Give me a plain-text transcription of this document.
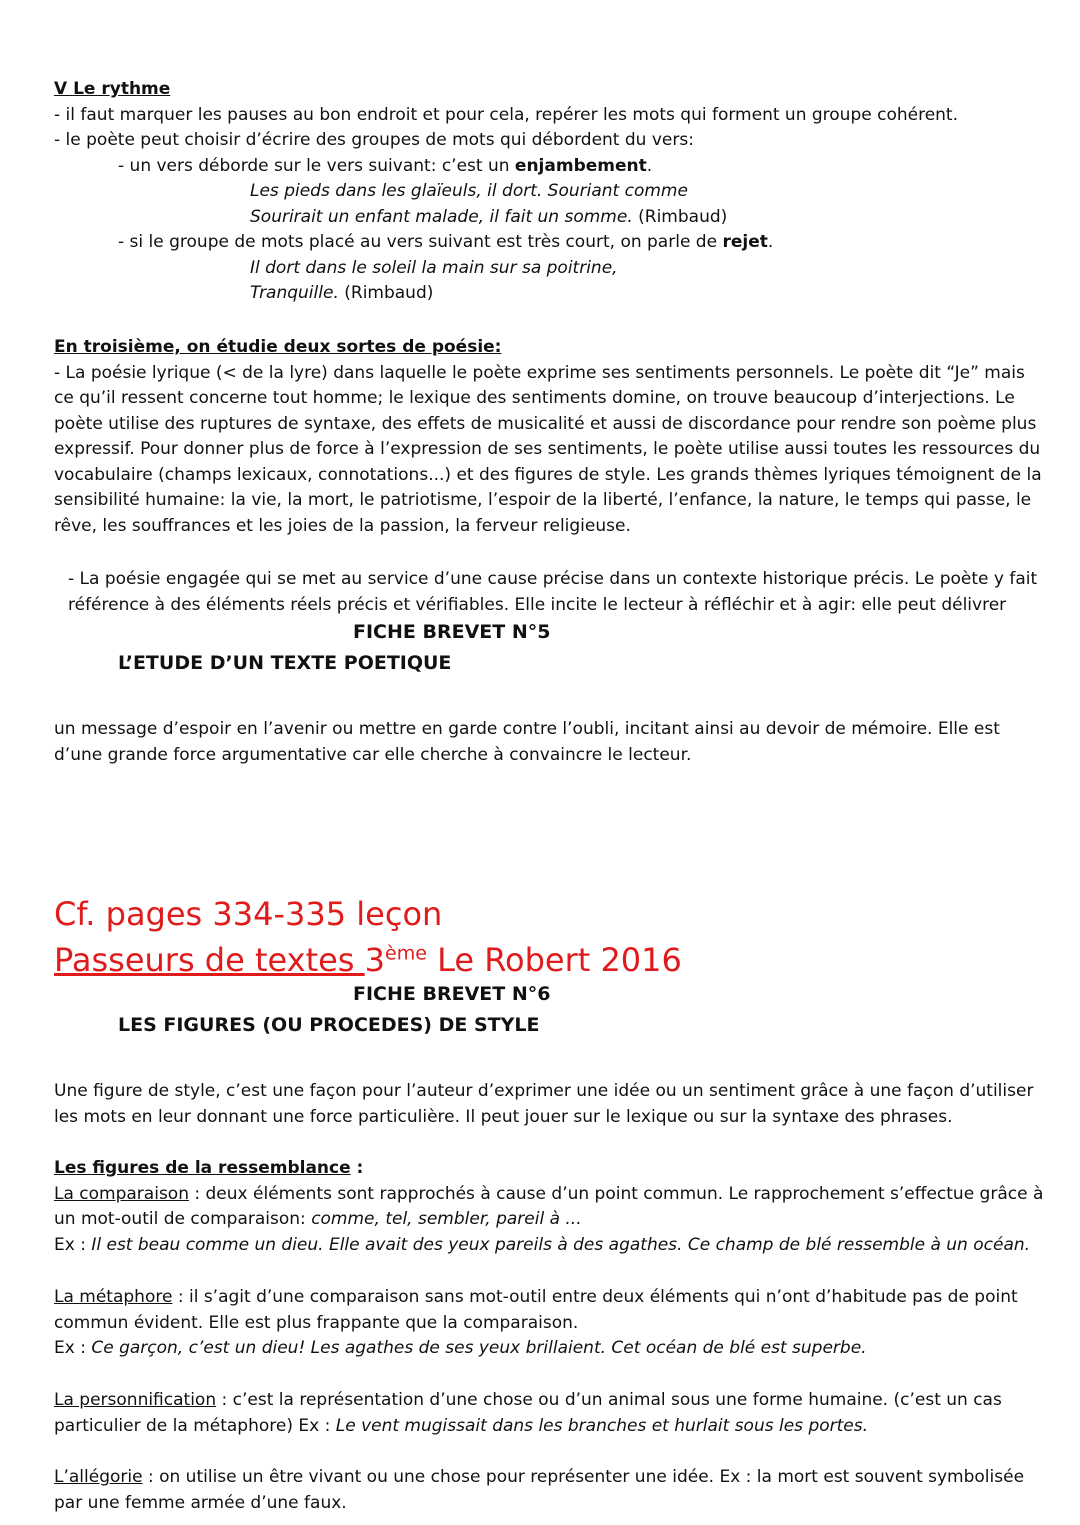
V Le rythme

- il faut marquer les pauses au bon endroit et pour cela, repérer les mots qui forment un groupe cohérent.

- le poète peut choisir d’écrire des groupes de mots qui débordent du vers:

- un vers déborde sur le vers suivant: c’est un enjambement.

Les pieds dans les glaïeuls, il dort. Souriant comme

Sourirait un enfant malade, il fait un somme. (Rimbaud)

- si le groupe de mots placé au vers suivant est très court, on parle de rejet.

Il dort dans le soleil la main sur sa poitrine,

Tranquille. (Rimbaud)

En troisième, on étudie deux sortes de poésie:

- La poésie lyrique (< de la lyre) dans laquelle le poète exprime ses sentiments personnels. Le poète dit “Je” mais ce qu’il ressent concerne tout homme; le lexique des sentiments domine, on trouve beaucoup d’interjections. Le poète utilise des ruptures de syntaxe, des effets de musicalité et aussi de discordance pour rendre son poème plus expressif. Pour donner plus de force à l’expression de ses sentiments, le poète utilise aussi toutes les ressources du vocabulaire (champs lexicaux, connotations...) et des figures de style. Les grands thèmes lyriques témoignent de la sensibilité humaine: la vie, la mort, le patriotisme, l’espoir de la liberté, l’enfance, la nature, le temps qui passe, le rêve, les souffrances et les joies de la passion, la ferveur religieuse.

- La poésie engagée qui se met au service d’une cause précise dans un contexte historique précis. Le poète y fait référence à des éléments réels précis et vérifiables. Elle incite le lecteur à réfléchir et à agir: elle peut délivrer

FICHE BREVET N°5
L’ETUDE D’UN TEXTE POETIQUE

un message d’espoir en l’avenir ou mettre en garde contre l’oubli, incitant ainsi au devoir de mémoire. Elle est d’une grande force argumentative car elle cherche à convaincre le lecteur.

Cf. pages 334-335 leçon

Passeurs de textes 3ème Le Robert 2016

FICHE BREVET N°6
LES FIGURES (OU PROCEDES) DE STYLE

Une figure de style, c’est une façon pour l’auteur d’exprimer une idée ou un sentiment grâce à une façon d’utiliser les mots en leur donnant une force particulière. Il peut jouer sur le lexique ou sur la syntaxe des phrases.

Les figures de la ressemblance :

La comparaison : deux éléments sont rapprochés à cause d’un point commun. Le rapprochement s’effectue grâce à un mot-outil de comparaison: comme, tel, sembler, pareil à ...

Ex : Il est beau comme un dieu. Elle avait des yeux pareils à des agathes. Ce champ de blé ressemble à un océan.

La métaphore : il s’agit d’une comparaison sans mot-outil entre deux éléments qui n’ont d’habitude pas de point commun évident. Elle est plus frappante que la comparaison.

Ex : Ce garçon, c’est un dieu! Les agathes de ses yeux brillaient. Cet océan de blé est superbe.

La personnification : c’est la représentation d’une chose ou d’un animal sous une forme humaine. (c’est un cas particulier de la métaphore) Ex : Le vent mugissait dans les branches et hurlait sous les portes.

L’allégorie : on utilise un être vivant ou une chose pour représenter une idée. Ex : la mort est souvent symbolisée par une femme armée d’une faux.
